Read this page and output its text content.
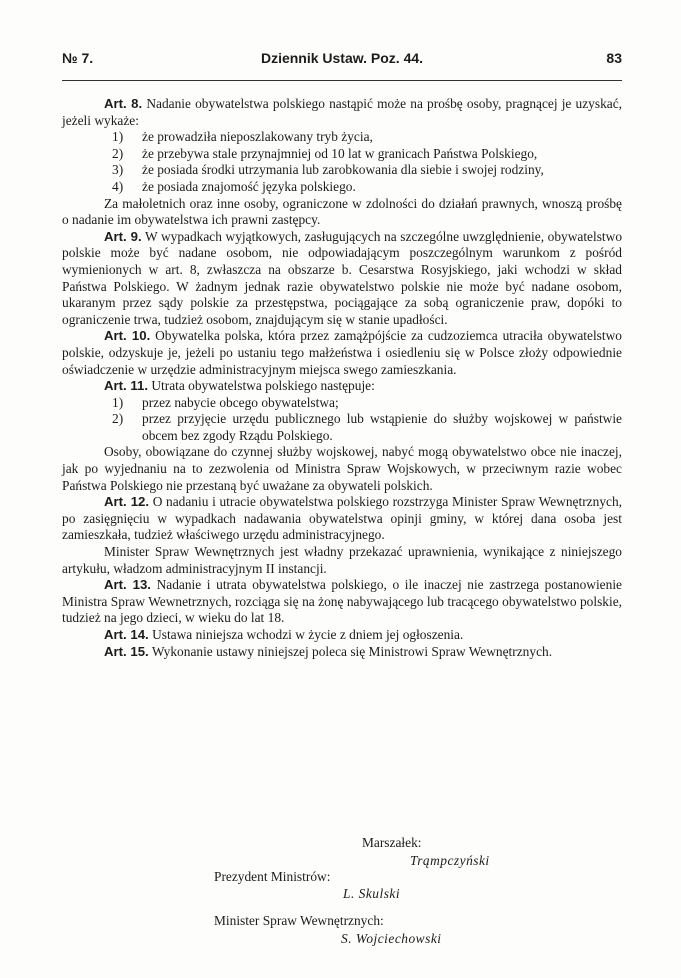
№ 7.	Dziennik Ustaw. Poz. 44.	83

Art. 8. Nadanie obywatelstwa polskiego nastąpić może na prośbę osoby, pragnącej je uzyskać, jeżeli wykaże:

1) że prowadziła nieposzlakowany tryb życia,
2) że przebywa stale przynajmniej od 10 lat w granicach Państwa Polskiego,
3) że posiada środki utrzymania lub zarobkowania dla siebie i swojej rodziny,
4) że posiada znajomość języka polskiego.

Za małoletnich oraz inne osoby, ograniczone w zdolności do działań prawnych, wnoszą prośbę o nadanie im obywatelstwa ich prawni zastępcy.

Art. 9. W wypadkach wyjątkowych, zasługujących na szczególne uwzględnienie, obywatelstwo polskie może być nadane osobom, nie odpowiadającym poszczególnym warunkom z pośród wymienionych w art. 8, zwłaszcza na obszarze b. Cesarstwa Rosyjskiego, jaki wchodzi w skład Państwa Polskiego. W żadnym jednak razie obywatelstwo polskie nie może być nadane osobom, ukaranym przez sądy polskie za przestępstwa, pociągające za sobą ograniczenie praw, dopóki to ograniczenie trwa, tudzież osobom, znajdującym się w stanie upadłości.

Art. 10. Obywatelka polska, która przez zamążpójście za cudzoziemca utraciła obywatelstwo polskie, odzyskuje je, jeżeli po ustaniu tego małżeństwa i osiedleniu się w Polsce złoży odpowiednie oświadczenie w urzędzie administracyjnym miejsca swego zamieszkania.

Art. 11. Utrata obywatelstwa polskiego następuje:

1) przez nabycie obcego obywatelstwa;
2) przez przyjęcie urzędu publicznego lub wstąpienie do służby wojskowej w państwie obcem bez zgody Rządu Polskiego.

Osoby, obowiązane do czynnej służby wojskowej, nabyć mogą obywatelstwo obce nie inaczej, jak po wyjednaniu na to zezwolenia od Ministra Spraw Wojskowych, w przeciwnym razie wobec Państwa Polskiego nie przestaną być uważane za obywateli polskich.

Art. 12. O nadaniu i utracie obywatelstwa polskiego rozstrzyga Minister Spraw Wewnętrznych, po zasięgnięciu w wypadkach nadawania obywatelstwa opinji gminy, w której dana osoba jest zamieszkała, tudzież właściwego urzędu administracyjnego.

Minister Spraw Wewnętrznych jest władny przekazać uprawnienia, wynikające z niniejszego artykułu, władzom administracyjnym II instancji.

Art. 13. Nadanie i utrata obywatelstwa polskiego, o ile inaczej nie zastrzega postanowienie Ministra Spraw Wewnetrznych, rozciąga się na żonę nabywającego lub tracącego obywatelstwo polskie, tudzież na jego dzieci, w wieku do lat 18.

Art. 14. Ustawa niniejsza wchodzi w życie z dniem jej ogłoszenia.

Art. 15. Wykonanie ustawy niniejszej poleca się Ministrowi Spraw Wewnętrznych.

Marszałek:
Trąmpczyński
Prezydent Ministrów:
L. Skulski
Minister Spraw Wewnętrznych:
S. Wojciechowski
